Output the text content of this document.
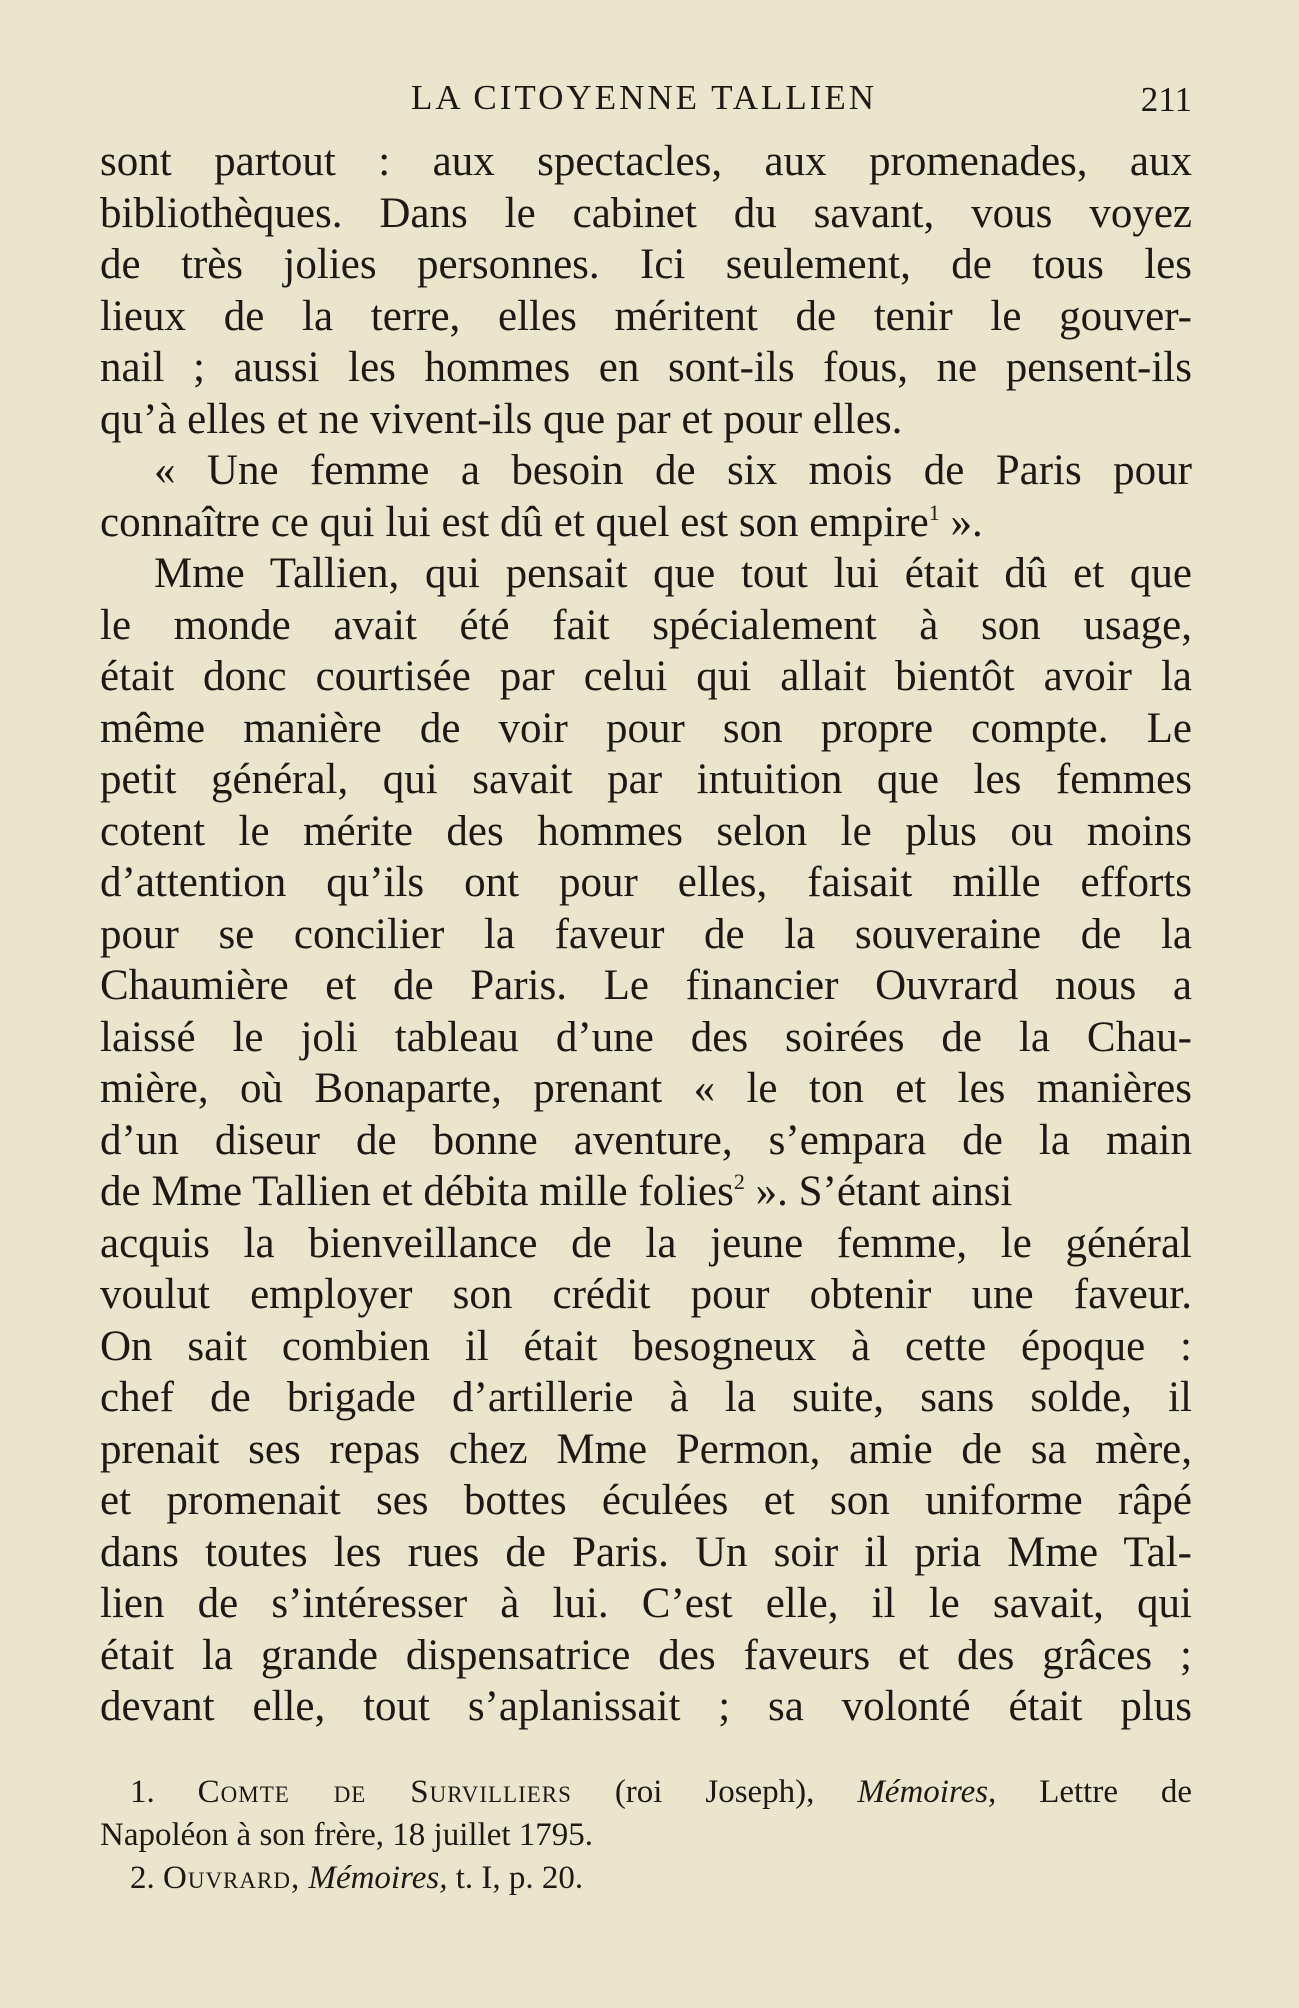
LA CITOYENNE TALLIEN	211
sont partout : aux spectacles, aux promenades, aux
bibliothèques. Dans le cabinet du savant, vous voyez
de très jolies personnes. Ici seulement, de tous les
lieux de la terre, elles méritent de tenir le gouver-
nail ; aussi les hommes en sont-ils fous, ne pensent-ils
qu’à elles et ne vivent-ils que par et pour elles.
« Une femme a besoin de six mois de Paris pour
connaître ce qui lui est dû et quel est son empire$^1$ ».
Mme Tallien, qui pensait que tout lui était dû et que
le monde avait été fait spécialement à son usage,
était donc courtisée par celui qui allait bientôt avoir la
même manière de voir pour son propre compte. Le
petit général, qui savait par intuition que les femmes
cotent le mérite des hommes selon le plus ou moins
d’attention qu’ils ont pour elles, faisait mille efforts
pour se concilier la faveur de la souveraine de la
Chaumière et de Paris. Le financier Ouvrard nous a
laissé le joli tableau d’une des soirées de la Chau-
mière, où Bonaparte, prenant « le ton et les manières
d’un diseur de bonne aventure, s’empara de la main
de Mme Tallien et débita mille folies$^2$ ». S’étant ainsi
acquis la bienveillance de la jeune femme, le général
voulut employer son crédit pour obtenir une faveur.
On sait combien il était besogneux à cette époque :
chef de brigade d’artillerie à la suite, sans solde, il
prenait ses repas chez Mme Permon, amie de sa mère,
et promenait ses bottes éculées et son uniforme râpé
dans toutes les rues de Paris. Un soir il pria Mme Tal-
lien de s’intéresser à lui. C’est elle, il le savait, qui
était la grande dispensatrice des faveurs et des grâces ;
devant elle, tout s’aplanissait ; sa volonté était plus
1. Comte de Survilliers (roi Joseph), Mémoires, Lettre de
Napoléon à son frère, 18 juillet 1795.
2. Ouvrard, Mémoires, t. I, p. 20.
